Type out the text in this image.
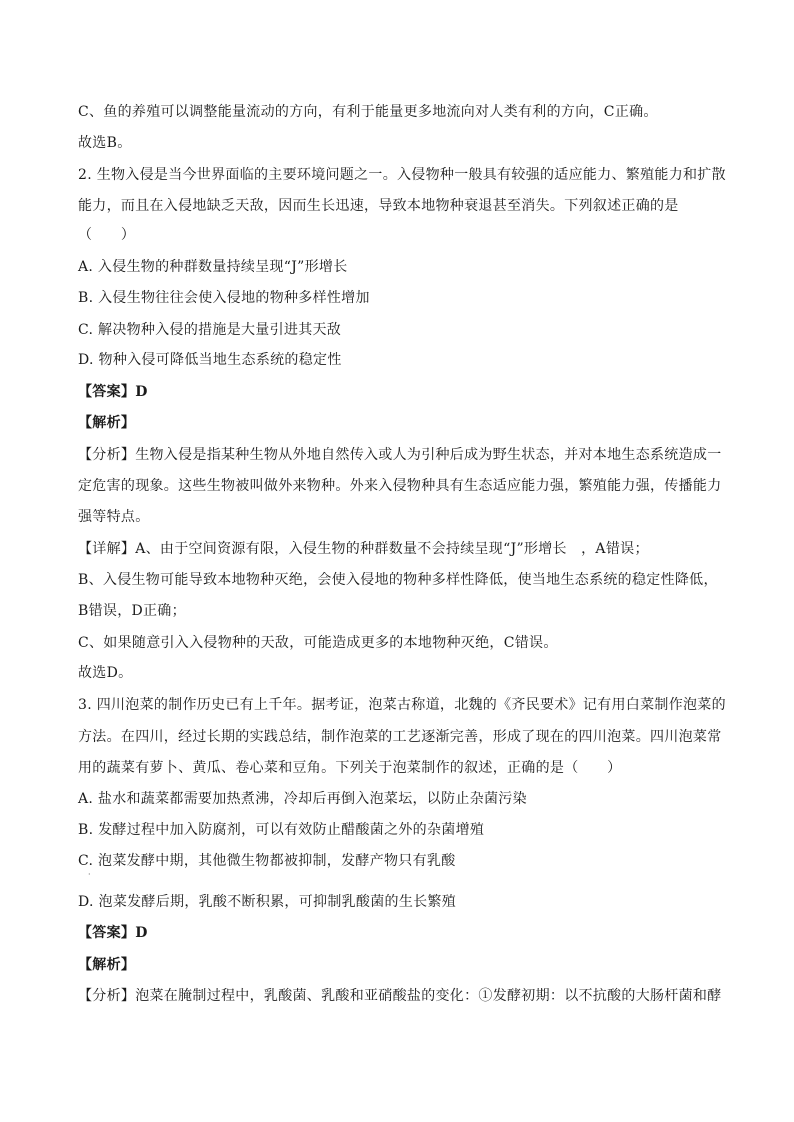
C、鱼的养殖可以调整能量流动的方向，有利于能量更多地流向对人类有利的方向，C正确。
故选B。
2. 生物入侵是当今世界面临的主要环境问题之一。入侵物种一般具有较强的适应能力、繁殖能力和扩散
能力，而且在入侵地缺乏天敌，因而生长迅速，导致本地物种衰退甚至消失。下列叙述正确的是
（　　）
A. 入侵生物的种群数量持续呈现“J”形增长
B. 入侵生物往往会使入侵地的物种多样性增加
C. 解决物种入侵的措施是大量引进其天敌
D. 物种入侵可降低当地生态系统的稳定性
【答案】D
【解析】
【分析】生物入侵是指某种生物从外地自然传入或人为引种后成为野生状态，并对本地生态系统造成一
定危害的现象。这些生物被叫做外来物种。外来入侵物种具有生态适应能力强，繁殖能力强，传播能力
强等特点。
【详解】A、由于空间资源有限，入侵生物的种群数量不会持续呈现“J”形增长　，A错误；
B、入侵生物可能导致本地物种灭绝，会使入侵地的物种多样性降低，使当地生态系统的稳定性降低，
B错误，D正确；
C、如果随意引入入侵物种的天敌，可能造成更多的本地物种灭绝，C错误。
故选D。
3. 四川泡菜的制作历史已有上千年。据考证，泡菜古称道，北魏的《齐民要术》记有用白菜制作泡菜的
方法。在四川，经过长期的实践总结，制作泡菜的工艺逐渐完善，形成了现在的四川泡菜。四川泡菜常
用的蔬菜有萝卜、黄瓜、卷心菜和豆角。下列关于泡菜制作的叙述，正确的是（　　）
A. 盐水和蔬菜都需要加热煮沸，冷却后再倒入泡菜坛，以防止杂菌污染
B. 发酵过程中加入防腐剂，可以有效防止醋酸菌之外的杂菌增殖
C. 泡菜发酵中期，其他微生物都被抑制，发酵产物只有乳酸
·
D. 泡菜发酵后期，乳酸不断积累，可抑制乳酸菌的生长繁殖
【答案】D
【解析】
【分析】泡菜在腌制过程中，乳酸菌、乳酸和亚硝酸盐的变化：①发酵初期：以不抗酸的大肠杆菌和酵
